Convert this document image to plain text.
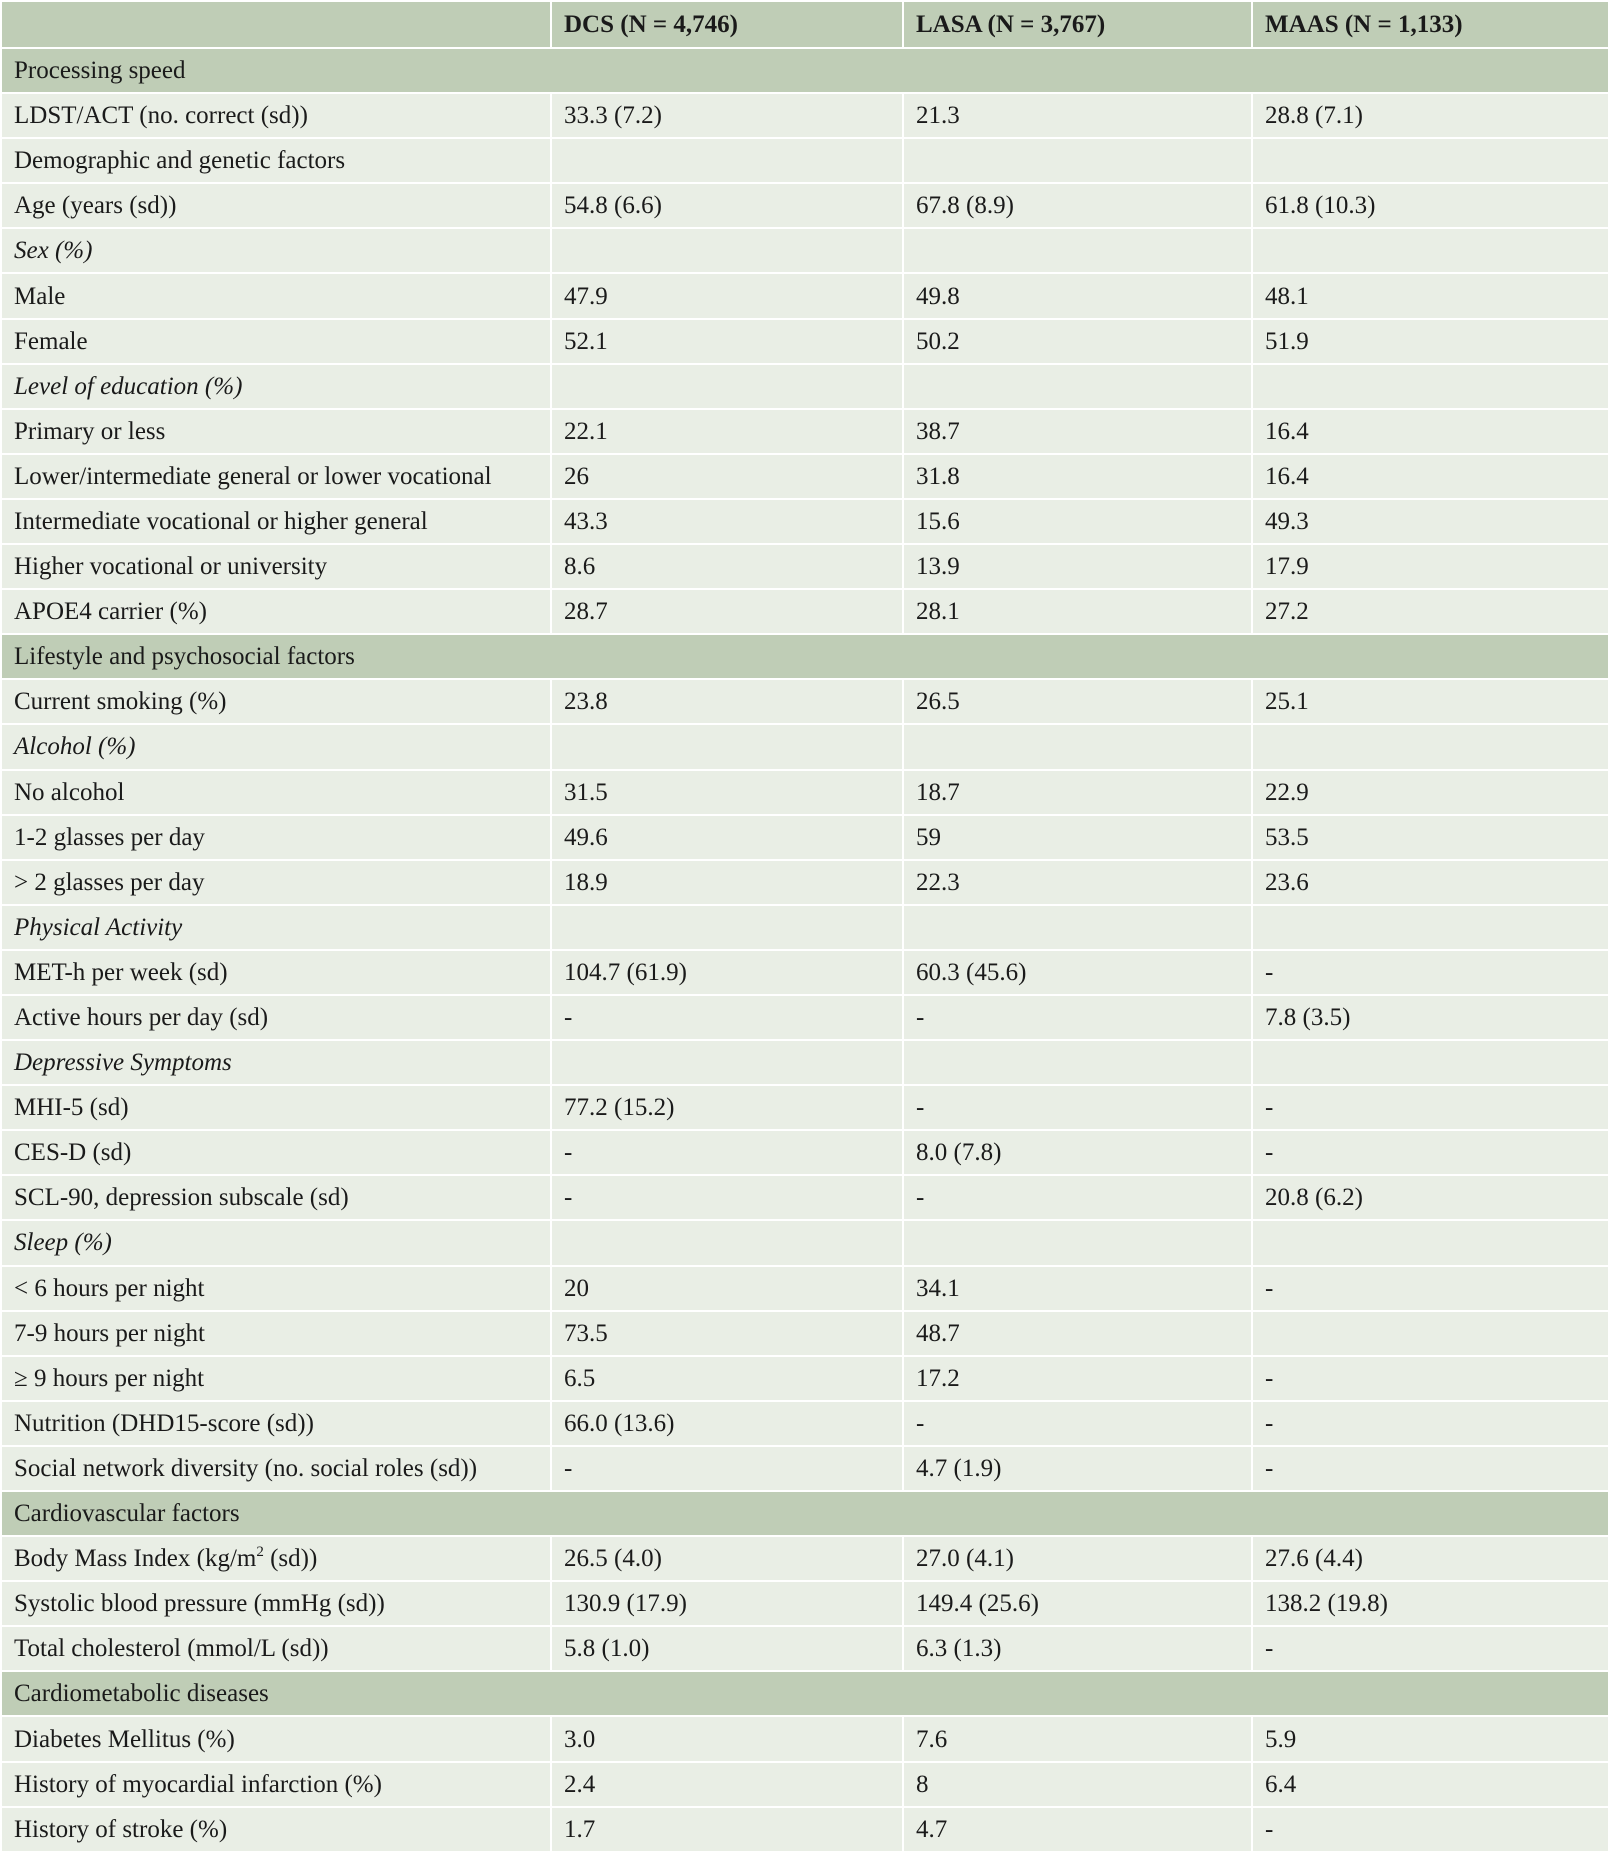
	DCS (N = 4,746)	LASA (N = 3,767)	MAAS (N = 1,133)
Processing speed			
LDST/ACT (no. correct (sd))	33.3 (7.2)	21.3	28.8 (7.1)
Demographic and genetic factors			
Age (years (sd))	54.8 (6.6)	67.8 (8.9)	61.8 (10.3)
Sex (%)			
Male	47.9	49.8	48.1
Female	52.1	50.2	51.9
Level of education (%)			
Primary or less	22.1	38.7	16.4
Lower/intermediate general or lower vocational	26	31.8	16.4
Intermediate vocational or higher general	43.3	15.6	49.3
Higher vocational or university	8.6	13.9	17.9
APOE4 carrier (%)	28.7	28.1	27.2
Lifestyle and psychosocial factors			
Current smoking (%)	23.8	26.5	25.1
Alcohol (%)			
No alcohol	31.5	18.7	22.9
1-2 glasses per day	49.6	59	53.5
> 2 glasses per day	18.9	22.3	23.6
Physical Activity			
MET-h per week (sd)	104.7 (61.9)	60.3 (45.6)	-
Active hours per day (sd)	-	-	7.8 (3.5)
Depressive Symptoms			
MHI-5 (sd)	77.2 (15.2)	-	-
CES-D (sd)	-	8.0 (7.8)	-
SCL-90, depression subscale (sd)	-	-	20.8 (6.2)
Sleep (%)			
< 6 hours per night	20	34.1	-
7-9 hours per night	73.5	48.7	
≥ 9 hours per night	6.5	17.2	-
Nutrition (DHD15-score (sd))	66.0 (13.6)	-	-
Social network diversity (no. social roles (sd))	-	4.7 (1.9)	-
Cardiovascular factors			
Body Mass Index ($kg/m^2$ (sd))	26.5 (4.0)	27.0 (4.1)	27.6 (4.4)
Systolic blood pressure (mmHg (sd))	130.9 (17.9)	149.4 (25.6)	138.2 (19.8)
Total cholesterol (mmol/L (sd))	5.8 (1.0)	6.3 (1.3)	-
Cardiometabolic diseases			
Diabetes Mellitus (%)	3.0	7.6	5.9
History of myocardial infarction (%)	2.4	8	6.4
History of stroke (%)	1.7	4.7	-
